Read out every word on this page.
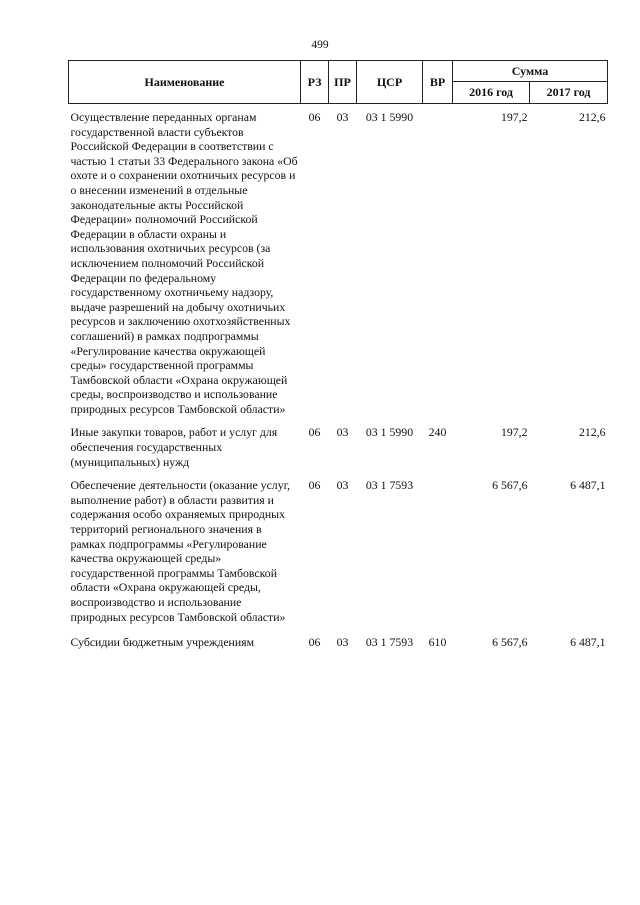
499
Наименование	РЗ	ПР	ЦСР	ВР	Сумма	
					2016 год	2017 год
Осуществление переданных органам государственной власти субъектов Российской Федерации в соответствии с частью 1 статьи 33 Федерального закона «Об охоте и о сохранении охотничьих ресурсов и о внесении изменений в отдельные законодательные акты Российской Федерации» полномочий Российской Федерации в области охраны и использования охотничьих ресурсов (за исключением полномочий Российской Федерации по федеральному государственному охотничьему надзору, выдаче разрешений на добычу охотничьих ресурсов и заключению охотхозяйственных соглашений) в рамках подпрограммы «Регулирование качества окружающей среды» государственной программы Тамбовской области «Охрана окружающей среды, воспроизводство и использование природных ресурсов Тамбовской области»	06	03	03 1 5990		197,2	212,6
Иные закупки товаров, работ и услуг для обеспечения государственных (муниципальных) нужд	06	03	03 1 5990	240	197,2	212,6
Обеспечение деятельности (оказание услуг, выполнение работ) в области развития и содержания особо охраняемых природных территорий регионального значения в рамках подпрограммы «Регулирование качества окружающей среды» государственной программы Тамбовской области «Охрана окружающей среды, воспроизводство и использование природных ресурсов Тамбовской области»	06	03	03 1 7593		6 567,6	6 487,1
Субсидии бюджетным учреждениям	06	03	03 1 7593	610	6 567,6	6 487,1
